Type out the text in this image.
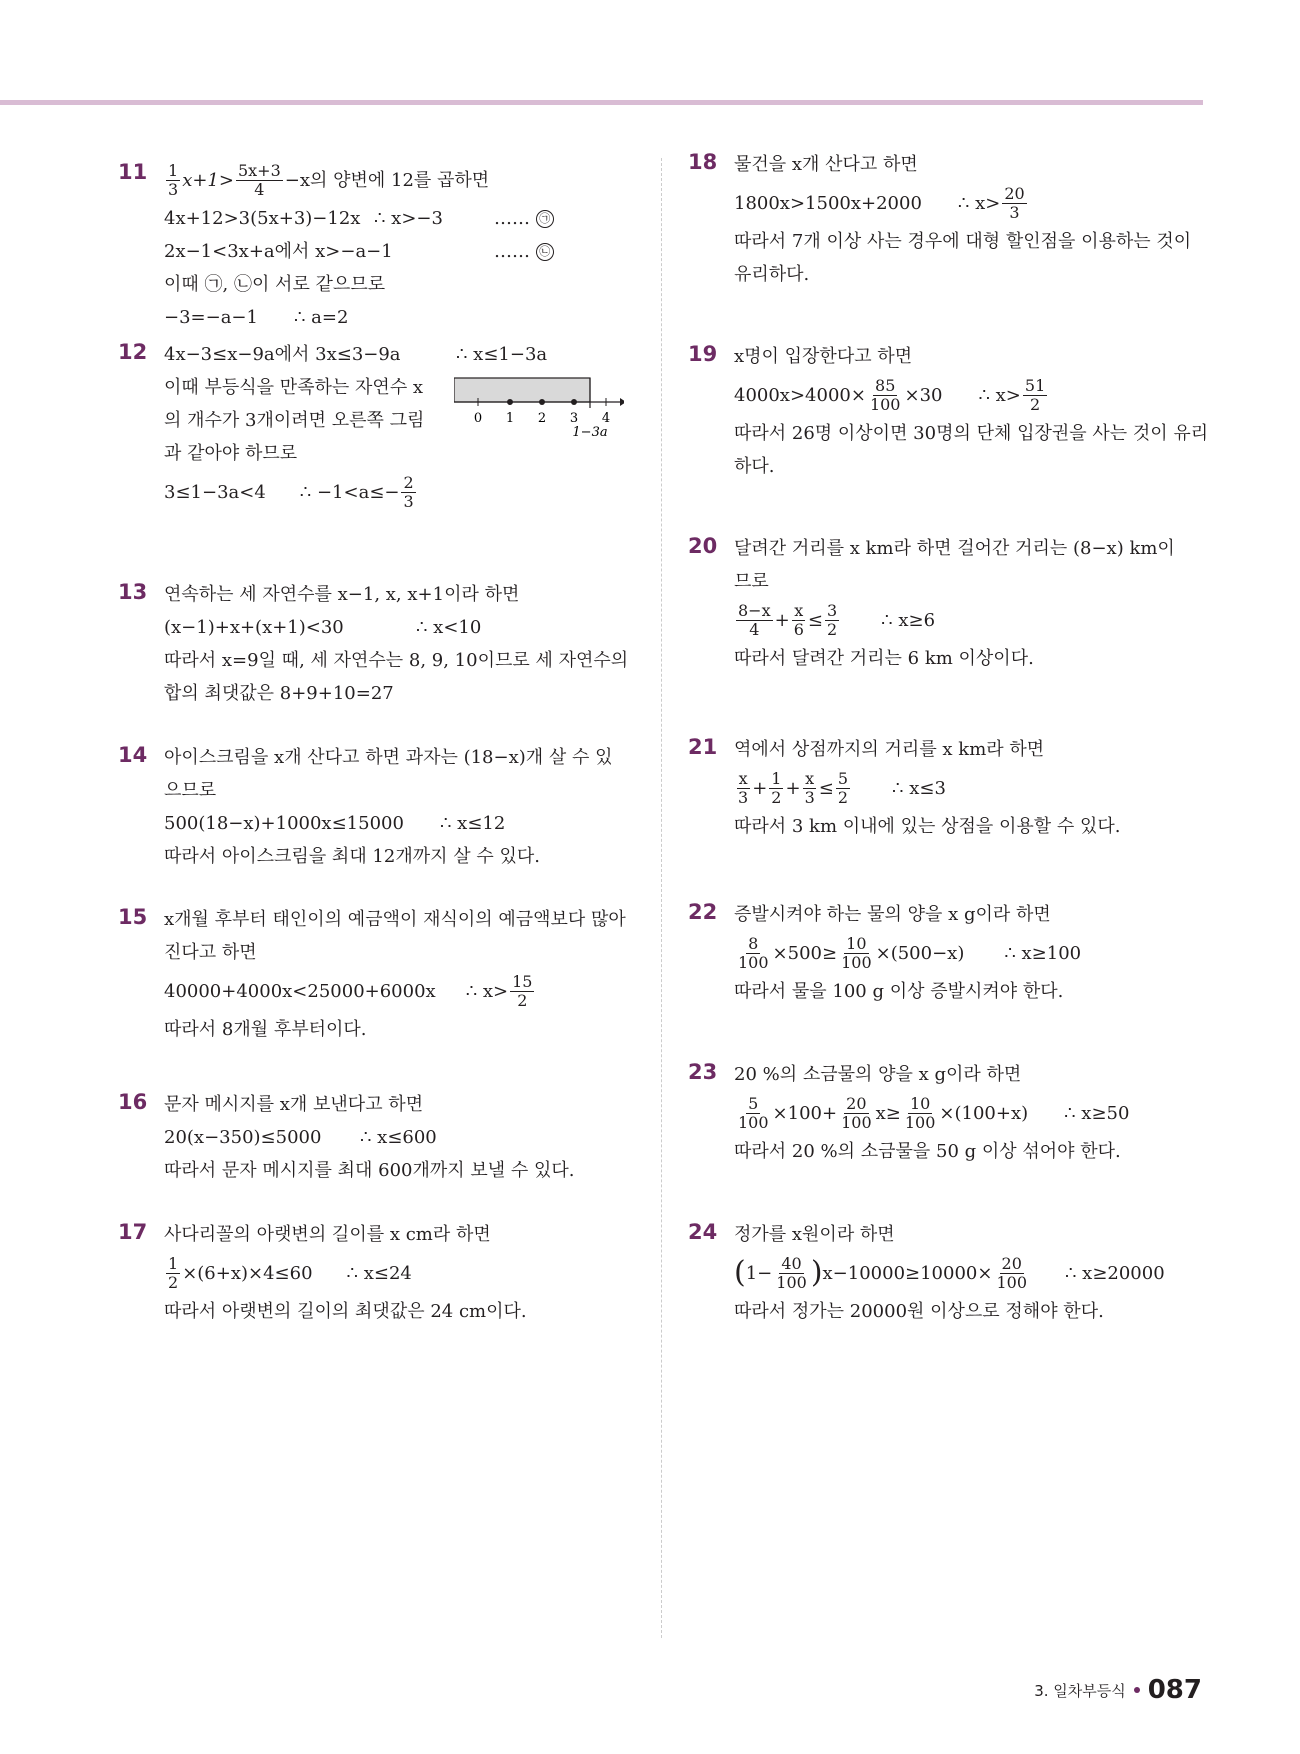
11	$\frac{1}{3} x+1> \frac{5x+3}{4} -x$의 양변에 12를 곱하면
4x+12>3(5x+3)−12x ∴ x>−3	…… ㉠
2x−1<3x+a에서 x>−a−1	…… ㉡
이때 ㉠, ㉡이 서로 같으므로
−3=−a−1 ∴ a=2
12 4x−3≤x−9a에서 3x≤3−9a	∴ x≤1−3a
이때 부등식을 만족하는 자연수 x
의 개수가 3개이려면 오른쪽 그림
과 같아야 하므로
3≤1−3a<4 ∴ $-1<a\le- \frac{2}{3}$
0 1 2 3 4
1−3a
13 연속하는 세 자연수를 x−1, x, x+1이라 하면
(x−1)+x+(x+1)<30	∴ x<10
따라서 x=9일 때, 세 자연수는 8, 9, 10이므로 세 자연수의
합의 최댓값은 8+9+10=27
14 아이스크림을 x개 산다고 하면 과자는 (18−x)개 살 수 있
으므로
500(18−x)+1000x≤15000 ∴ x≤12
따라서 아이스크림을 최대 12개까지 살 수 있다.
15 x개월 후부터 태인이의 예금액이 재식이의 예금액보다 많아
진다고 하면
40000+4000x<25000+6000x ∴ $x> \frac{15}{2}$
따라서 8개월 후부터이다.
16 문자 메시지를 x개 보낸다고 하면
20(x−350)≤5000 ∴ x≤600
따라서 문자 메시지를 최대 600개까지 보낼 수 있다.
17 사다리꼴의 아랫변의 길이를 x cm라 하면
$\frac{1}{2} \times(6+x)\times 4\le 60$ ∴ x≤24
따라서 아랫변의 길이의 최댓값은 24 cm이다.
18 물건을 x개 산다고 하면
1800x>1500x+2000 ∴ $x> \frac{20}{3}$
따라서 7개 이상 사는 경우에 대형 할인점을 이용하는 것이
유리하다.
19 x명이 입장한다고 하면
$4000x>4000\times \frac{85}{100} \times 30$ ∴ $x> \frac{51}{2}$
따라서 26명 이상이면 30명의 단체 입장권을 사는 것이 유리
하다.
20 달려간 거리를 x km라 하면 걸어간 거리는 (8−x) km이
므로
$\frac{8-x}{4} + \frac{x}{6} \le \frac{3}{2}$ ∴ x≥6
따라서 달려간 거리는 6 km 이상이다.
21 역에서 상점까지의 거리를 x km라 하면
$\frac{x}{3} + \frac{1}{2} + \frac{x}{3} \le \frac{5}{2}$ ∴ x≤3
따라서 3 km 이내에 있는 상점을 이용할 수 있다.
22 증발시켜야 하는 물의 양을 x g이라 하면
$\frac{8}{100} \times 500\ge \frac{10}{100} \times(500-x)$ ∴ x≥100
따라서 물을 100 g 이상 증발시켜야 한다.
23 20 %의 소금물의 양을 x g이라 하면
$\frac{5}{100} \times 100+ \frac{20}{100} x\ge \frac{10}{100} \times(100+x)$ ∴ x≥50
따라서 20 %의 소금물을 50 g 이상 섞어야 한다.
24 정가를 x원이라 하면
( $1- \frac{40}{100}$ ) $x-10000\ge 10000\times \frac{20}{100}$ ∴ x≥20000
따라서 정가는 20000원 이상으로 정해야 한다.
3. 일차부등식 087
